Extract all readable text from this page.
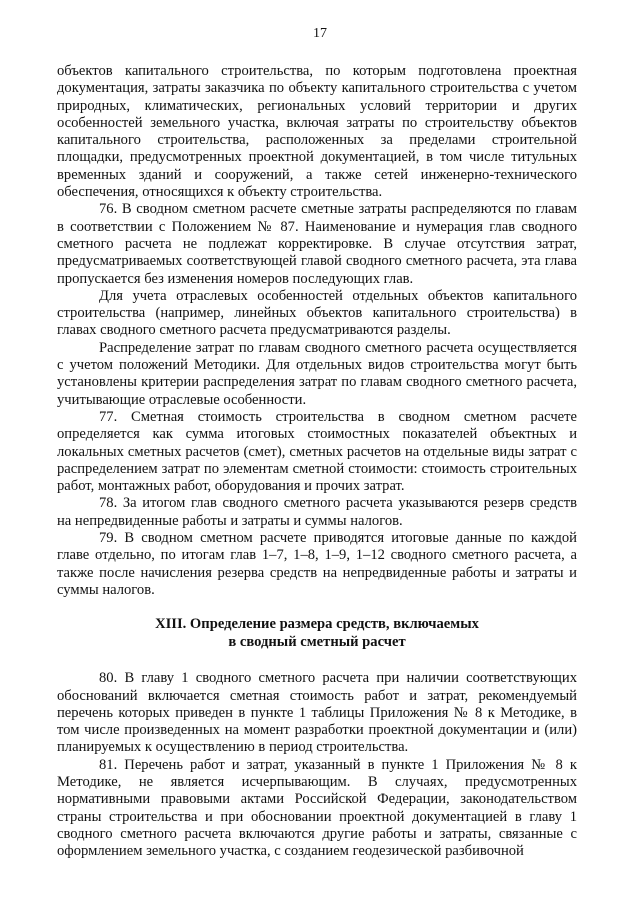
17

объектов капитального строительства, по которым подготовлена проектная документация, затраты заказчика по объекту капитального строительства с учетом природных, климатических, региональных условий территории и других особенностей земельного участка, включая затраты по строительству объектов капитального строительства, расположенных за пределами строительной площадки, предусмотренных проектной документацией, в том числе титульных временных зданий и сооружений, а также сетей инженерно-технического обеспечения, относящихся к объекту строительства.

76. В сводном сметном расчете сметные затраты распределяются по главам в соответствии с Положением № 87. Наименование и нумерация глав сводного сметного расчета не подлежат корректировке. В случае отсутствия затрат, предусматриваемых соответствующей главой сводного сметного расчета, эта глава пропускается без изменения номеров последующих глав.

Для учета отраслевых особенностей отдельных объектов капитального строительства (например, линейных объектов капитального строительства) в главах сводного сметного расчета предусматриваются разделы.

Распределение затрат по главам сводного сметного расчета осуществляется с учетом положений Методики. Для отдельных видов строительства могут быть установлены критерии распределения затрат по главам сводного сметного расчета, учитывающие отраслевые особенности.

77. Сметная стоимость строительства в сводном сметном расчете определяется как сумма итоговых стоимостных показателей объектных и локальных сметных расчетов (смет), сметных расчетов на отдельные виды затрат с распределением затрат по элементам сметной стоимости: стоимость строительных работ, монтажных работ, оборудования и прочих затрат.

78. За итогом глав сводного сметного расчета указываются резерв средств на непредвиденные работы и затраты и суммы налогов.

79. В сводном сметном расчете приводятся итоговые данные по каждой главе отдельно, по итогам глав 1–7, 1–8, 1–9, 1–12 сводного сметного расчета, а также после начисления резерва средств на непредвиденные работы и затраты и суммы налогов.

XIII. Определение размера средств, включаемых
в сводный сметный расчет

80. В главу 1 сводного сметного расчета при наличии соответствующих обоснований включается сметная стоимость работ и затрат, рекомендуемый перечень которых приведен в пункте 1 таблицы Приложения № 8 к Методике, в том числе произведенных на момент разработки проектной документации и (или) планируемых к осуществлению в период строительства.

81. Перечень работ и затрат, указанный в пункте 1 Приложения № 8 к Методике, не является исчерпывающим. В случаях, предусмотренных нормативными правовыми актами Российской Федерации, законодательством страны строительства и при обосновании проектной документацией в главу 1 сводного сметного расчета включаются другие работы и затраты, связанные с оформлением земельного участка, с созданием геодезической разбивочной
